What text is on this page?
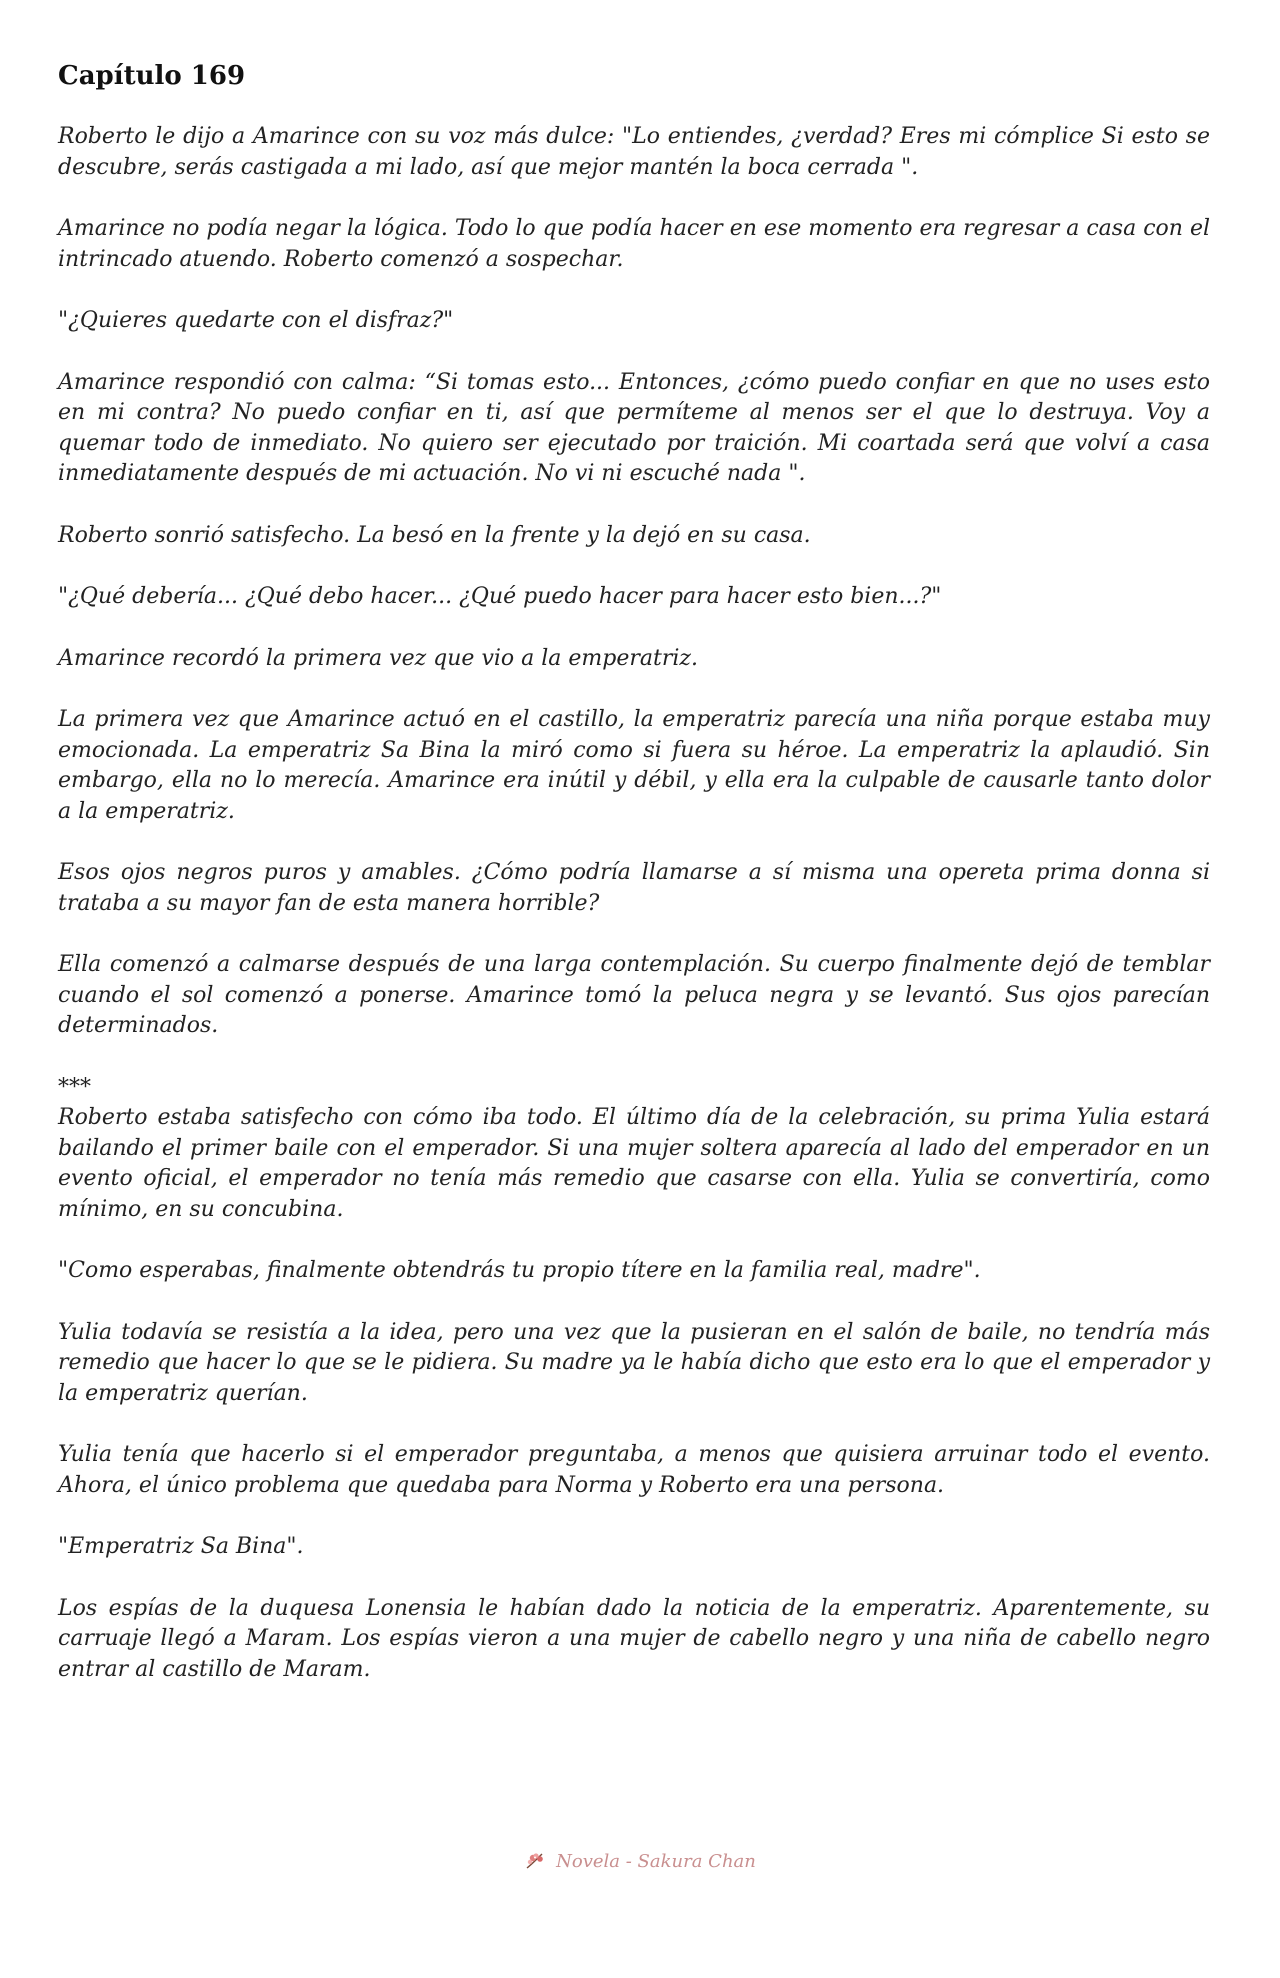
Capítulo 169

Roberto le dijo a Amarince con su voz más dulce: "Lo entiendes, ¿verdad? Eres mi cómplice Si esto se descubre, serás castigada a mi lado, así que mejor mantén la boca cerrada ".

Amarince no podía negar la lógica. Todo lo que podía hacer en ese momento era regresar a casa con el intrincado atuendo. Roberto comenzó a sospechar.

"¿Quieres quedarte con el disfraz?"

Amarince respondió con calma: “Si tomas esto... Entonces, ¿cómo puedo confiar en que no uses esto en mi contra? No puedo confiar en ti, así que permíteme al menos ser el que lo destruya. Voy a quemar todo de inmediato. No quiero ser ejecutado por traición. Mi coartada será que volví a casa inmediatamente después de mi actuación. No vi ni escuché nada ".

Roberto sonrió satisfecho. La besó en la frente y la dejó en su casa.

"¿Qué debería... ¿Qué debo hacer... ¿Qué puedo hacer para hacer esto bien...?"

Amarince recordó la primera vez que vio a la emperatriz.

La primera vez que Amarince actuó en el castillo, la emperatriz parecía una niña porque estaba muy emocionada. La emperatriz Sa Bina la miró como si fuera su héroe. La emperatriz la aplaudió. Sin embargo, ella no lo merecía. Amarince era inútil y débil, y ella era la culpable de causarle tanto dolor a la emperatriz.

Esos ojos negros puros y amables. ¿Cómo podría llamarse a sí misma una opereta prima donna si trataba a su mayor fan de esta manera horrible?

Ella comenzó a calmarse después de una larga contemplación. Su cuerpo finalmente dejó de temblar cuando el sol comenzó a ponerse. Amarince tomó la peluca negra y se levantó. Sus ojos parecían determinados.

***

Roberto estaba satisfecho con cómo iba todo. El último día de la celebración, su prima Yulia estará bailando el primer baile con el emperador. Si una mujer soltera aparecía al lado del emperador en un evento oficial, el emperador no tenía más remedio que casarse con ella. Yulia se convertiría, como mínimo, en su concubina.

"Como esperabas, finalmente obtendrás tu propio títere en la familia real, madre".

Yulia todavía se resistía a la idea, pero una vez que la pusieran en el salón de baile, no tendría más remedio que hacer lo que se le pidiera. Su madre ya le había dicho que esto era lo que el emperador y la emperatriz querían.

Yulia tenía que hacerlo si el emperador preguntaba, a menos que quisiera arruinar todo el evento. Ahora, el único problema que quedaba para Norma y Roberto era una persona.

"Emperatriz Sa Bina".

Los espías de la duquesa Lonensia le habían dado la noticia de la emperatriz. Aparentemente, su carruaje llegó a Maram. Los espías vieron a una mujer de cabello negro y una niña de cabello negro entrar al castillo de Maram.

Novela - Sakura Chan
